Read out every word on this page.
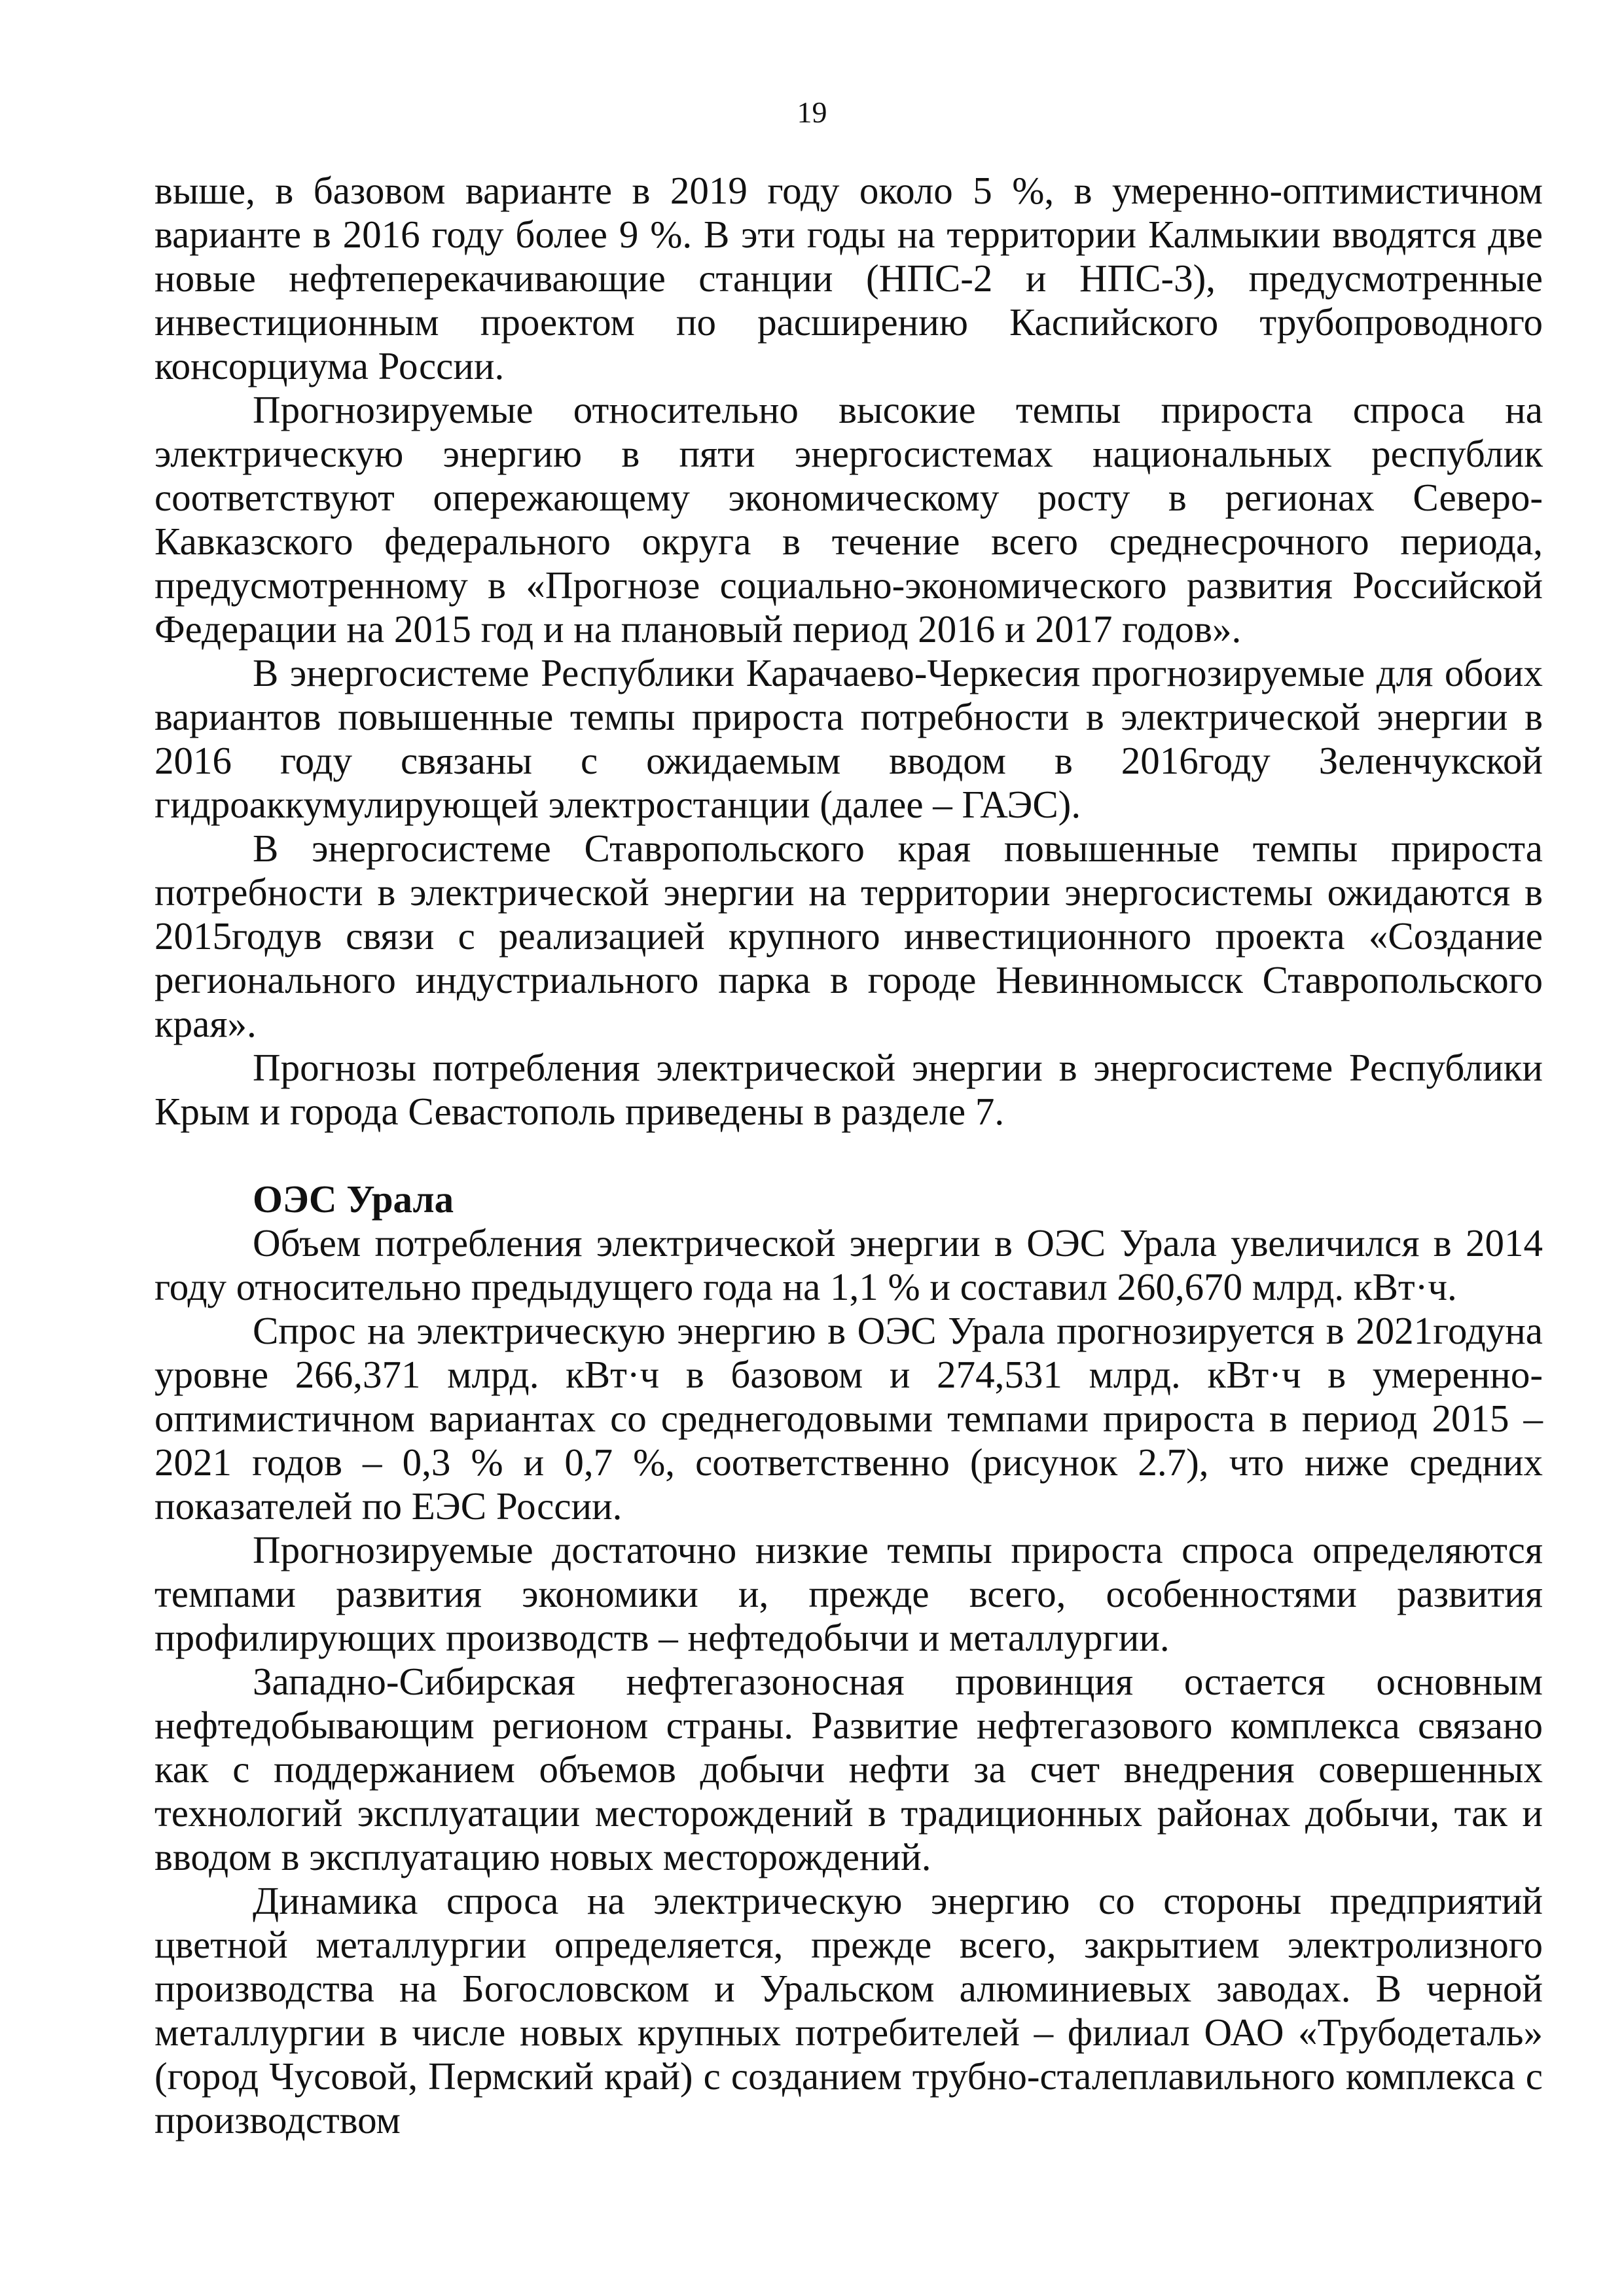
19

выше, в базовом варианте в 2019 году около 5 %, в умеренно-оптимистичном варианте в 2016 году более 9 %. В эти годы на территории Калмыкии вводятся две новые нефтеперекачивающие станции (НПС-2 и НПС-3), предусмотренные инвестиционным проектом по расширению Каспийского трубопроводного консорциума России.

Прогнозируемые относительно высокие темпы прироста спроса на электрическую энергию в пяти энергосистемах национальных республик соответствуют опережающему экономическому росту в регионах Северо-Кавказского федерального округа в течение всего среднесрочного периода, предусмотренному в «Прогнозе социально-экономического развития Российской Федерации на 2015 год и на плановый период 2016 и 2017 годов».

В энергосистеме Республики Карачаево-Черкесия прогнозируемые для обоих вариантов повышенные темпы прироста потребности в электрической энергии в 2016 году связаны с ожидаемым вводом в 2016году Зеленчукской гидроаккумулирующей электростанции (далее – ГАЭС).

В энергосистеме Ставропольского края повышенные темпы прироста потребности в электрической энергии на территории энергосистемы ожидаются в 2015годув связи с реализацией крупного инвестиционного проекта «Создание регионального индустриального парка в городе Невинномысск Ставропольского края».

Прогнозы потребления электрической энергии в энергосистеме Республики Крым и города Севастополь приведены в разделе 7.

ОЭС Урала

Объем потребления электрической энергии в ОЭС Урала увеличился в 2014 году относительно предыдущего года на 1,1 % и составил 260,670 млрд. кВт·ч.

Спрос на электрическую энергию в ОЭС Урала прогнозируется в 2021годуна уровне 266,371 млрд. кВт·ч в базовом и 274,531 млрд. кВт·ч в умеренно-оптимистичном вариантах со среднегодовыми темпами прироста в период 2015 – 2021 годов – 0,3 % и 0,7 %, соответственно (рисунок 2.7), что ниже средних показателей по ЕЭС России.

Прогнозируемые достаточно низкие темпы прироста спроса определяются темпами развития экономики и, прежде всего, особенностями развития профилирующих производств – нефтедобычи и металлургии.

Западно-Сибирская нефтегазоносная провинция остается основным нефтедобывающим регионом страны. Развитие нефтегазового комплекса связано как с поддержанием объемов добычи нефти за счет внедрения совершенных технологий эксплуатации месторождений в традиционных районах добычи, так и вводом в эксплуатацию новых месторождений.

Динамика спроса на электрическую энергию со стороны предприятий цветной металлургии определяется, прежде всего, закрытием электролизного производства на Богословском и Уральском алюминиевых заводах. В черной металлургии в числе новых крупных потребителей – филиал ОАО «Трубодеталь» (город Чусовой, Пермский край) с созданием трубно-сталеплавильного комплекса с производством
